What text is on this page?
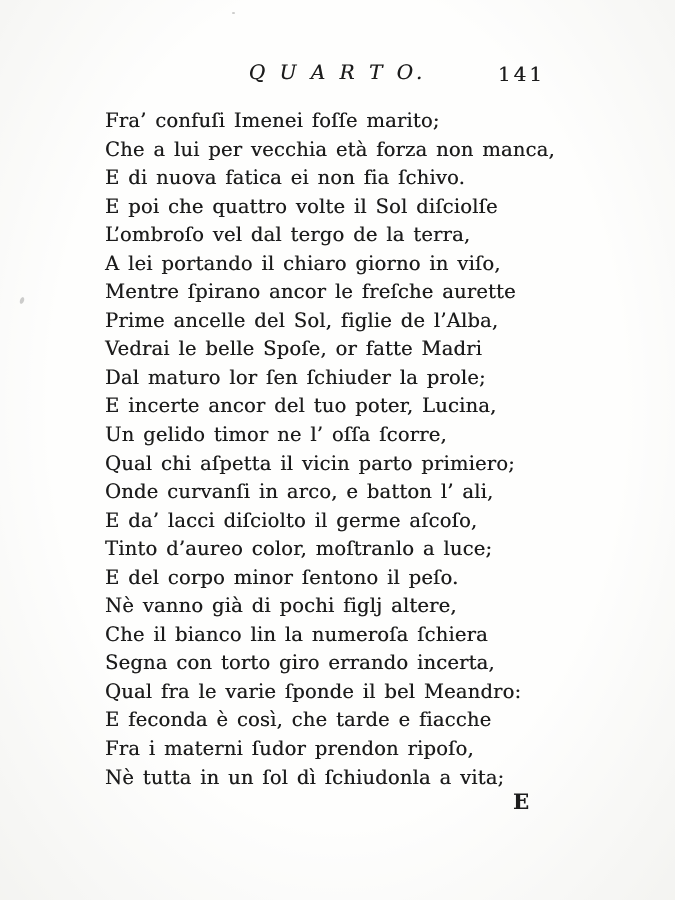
Q U A R T O.	141
Fra’ confuſi Imenei foſſe marito;
Che a lui per vecchia età forza non manca,
E di nuova fatica ei non fia ſchivo.
E poi che quattro volte il Sol diſciolſe
L’ombroſo vel dal tergo de la terra,
A lei portando il chiaro giorno in viſo,
Mentre ſpirano ancor le freſche aurette
Prime ancelle del Sol, figlie de l’Alba,
Vedrai le belle Spoſe, or fatte Madri
Dal maturo lor ſen ſchiuder la prole;
E incerte ancor del tuo poter, Lucina,
Un gelido timor ne l’ oſſa ſcorre,
Qual chi aſpetta il vicin parto primiero;
Onde curvanſi in arco, e batton l’ ali,
E da’ lacci diſciolto il germe aſcoſo,
Tinto d’aureo color, moſtranlo a luce;
E del corpo minor ſentono il peſo.
Nè vanno già di pochi figlj altere,
Che il bianco lin la numeroſa ſchiera
Segna con torto giro errando incerta,
Qual fra le varie ſponde il bel Meandro:
E feconda è così, che tarde e fiacche
Fra i materni ſudor prendon ripoſo,
Nè tutta in un ſol dì ſchiudonla a vita;
E
